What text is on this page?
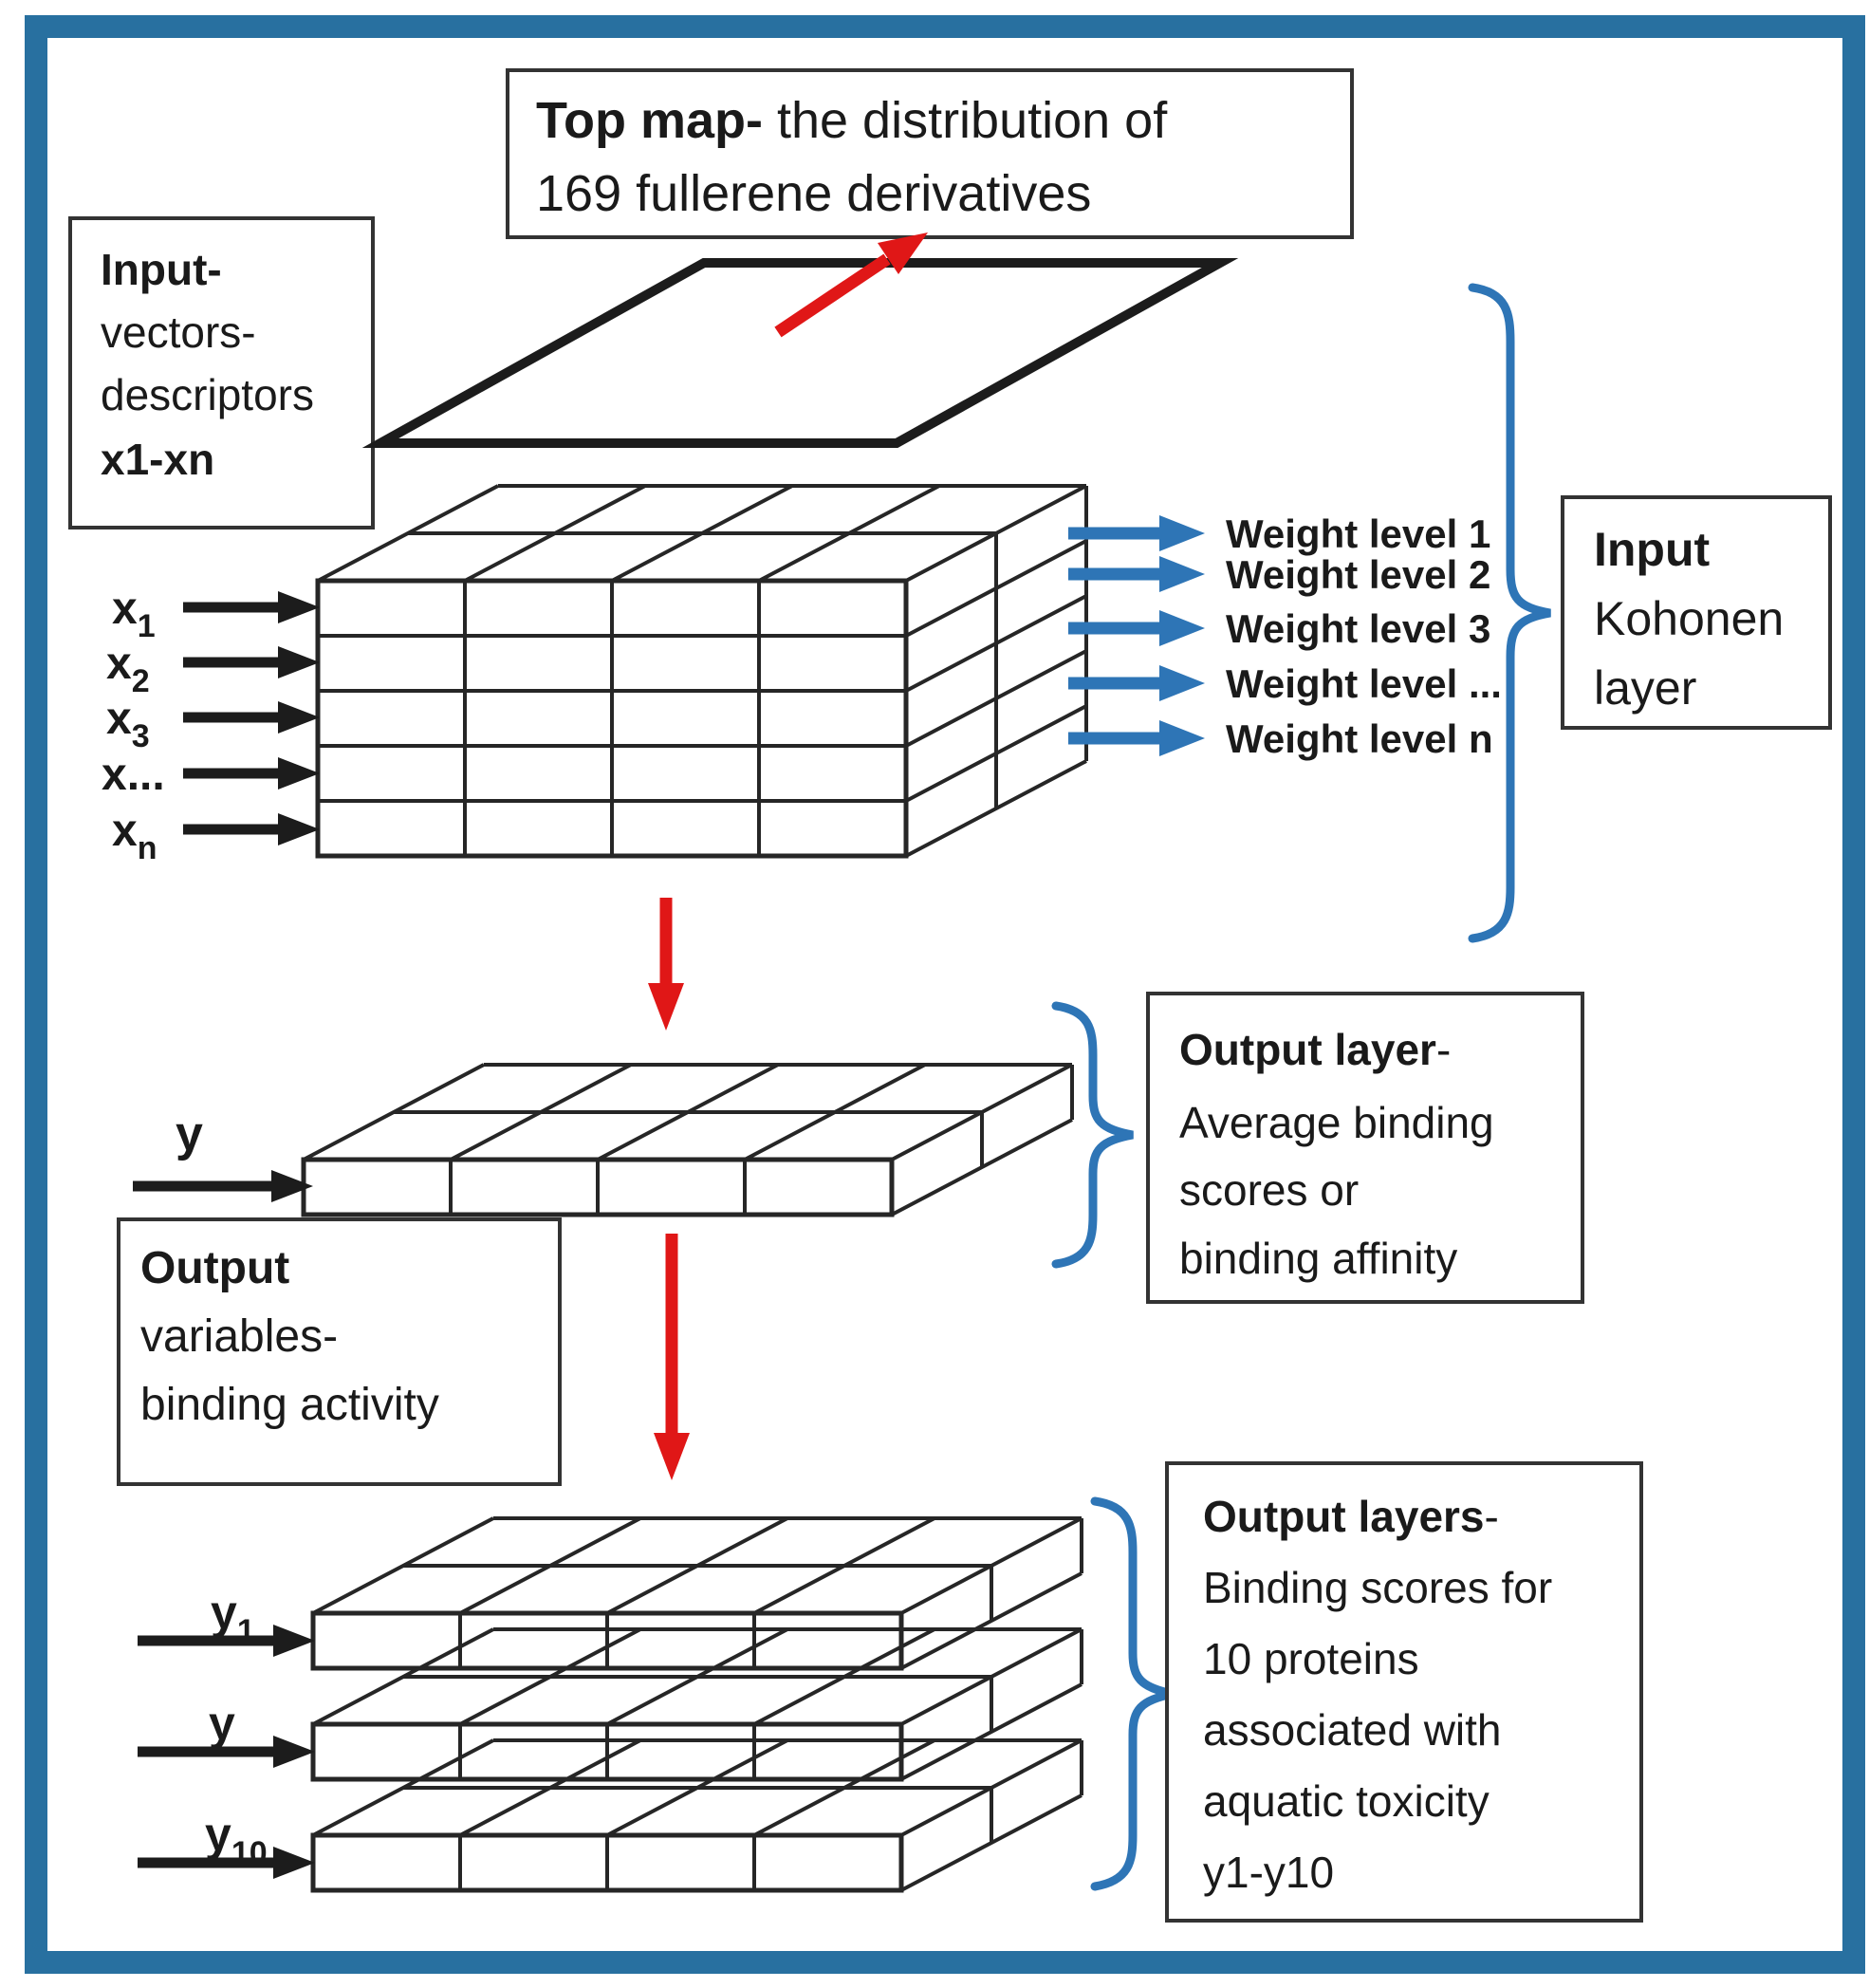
Top map- the distribution of
169 fullerene derivatives
Input-
vectors-
descriptors
x1-xn
$x_1$
$x_2$
$x_3$
x...
$x_n$
Weight level 1
Weight level 2
Weight level 3
Weight level ...
Weight level n
Input
Kohonen
layer
y
Output
variables-
binding activity
Output layer-
Average binding
scores or
binding affinity
$y_1$
$y_{..}$
$y_{10}$
Output layers-
Binding scores for
10 proteins
associated with
aquatic toxicity
y1-y10
